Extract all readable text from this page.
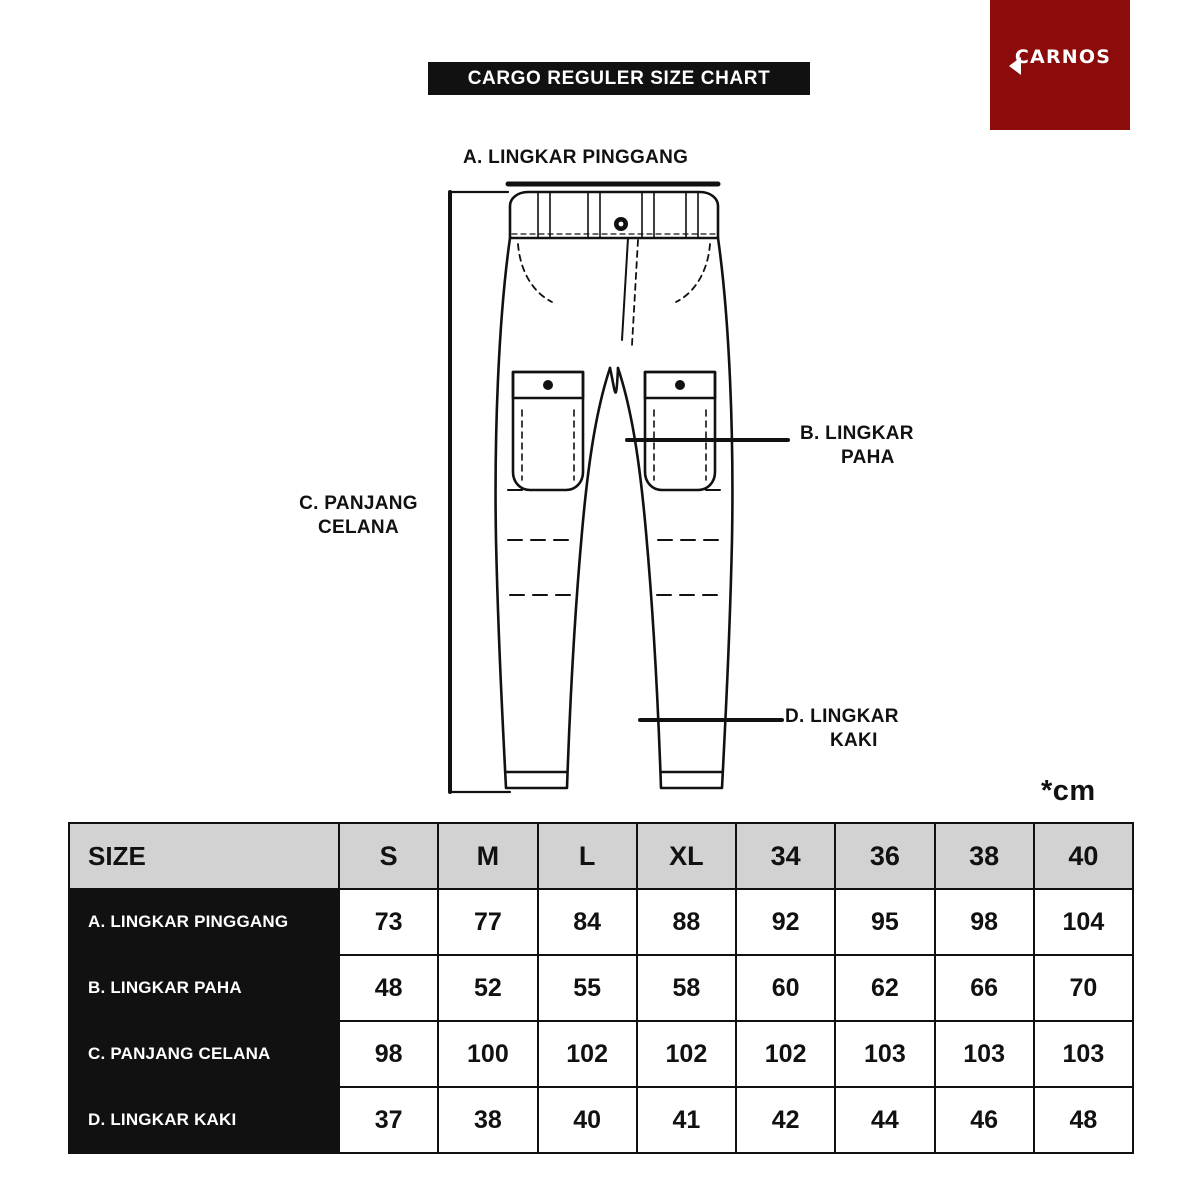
CARNOS
CARGO REGULER SIZE CHART
A. LINGKAR PINGGANG
B. LINGKAR
PAHA
C. PANJANG CELANA
D. LINGKAR
KAKI
*cm
SIZE	S	M	L	XL	34	36	38	40
A. LINGKAR PINGGANG	73	77	84	88	92	95	98	104
B. LINGKAR PAHA	48	52	55	58	60	62	66	70
C. PANJANG CELANA	98	100	102	102	102	103	103	103
D. LINGKAR KAKI	37	38	40	41	42	44	46	48
